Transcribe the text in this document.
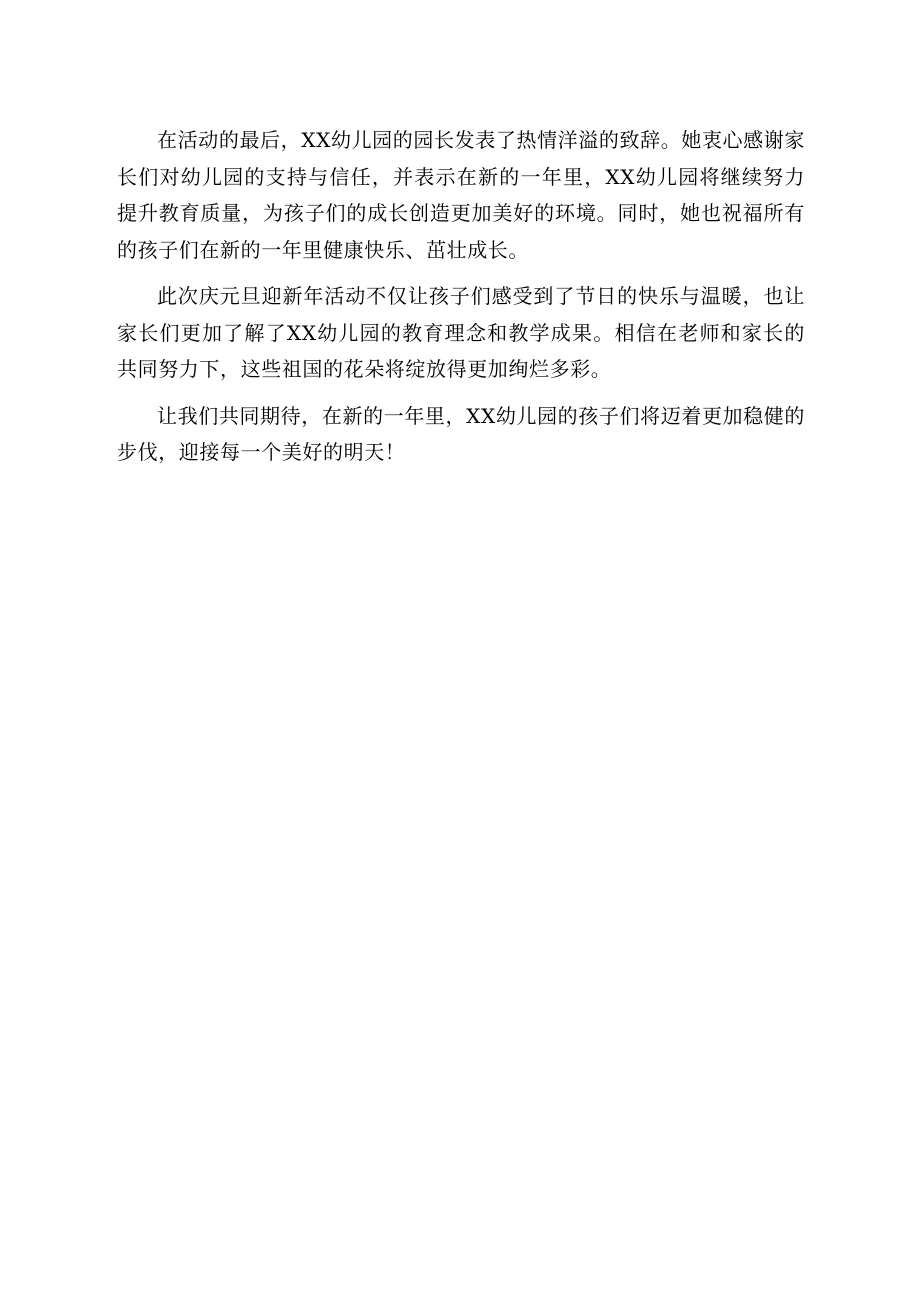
在活动的最后，XX幼儿园的园长发表了热情洋溢的致辞。她衷心感谢家长们对幼儿园的支持与信任，并表示在新的一年里，XX幼儿园将继续努力提升教育质量，为孩子们的成长创造更加美好的环境。同时，她也祝福所有的孩子们在新的一年里健康快乐、茁壮成长。

此次庆元旦迎新年活动不仅让孩子们感受到了节日的快乐与温暖，也让家长们更加了解了XX幼儿园的教育理念和教学成果。相信在老师和家长的共同努力下，这些祖国的花朵将绽放得更加绚烂多彩。

让我们共同期待，在新的一年里，XX幼儿园的孩子们将迈着更加稳健的步伐，迎接每一个美好的明天！
